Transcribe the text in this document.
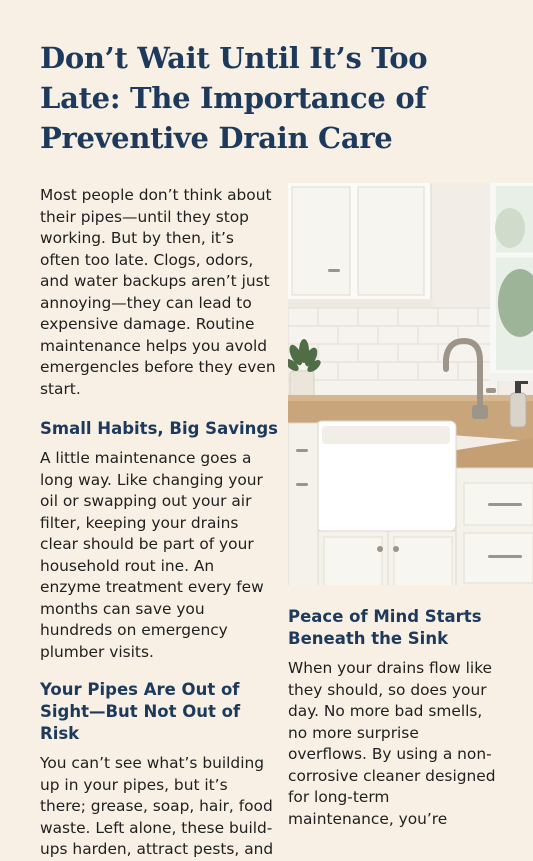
Don’t Wait Until It’s Too Late: The Importance of Preventive Drain Care

Most people don’t think about their pipes—until they stop working. But by then, it’s often too late. Clogs, odors, and water backups aren’t just annoying—they can lead to expensive damage. Routine maintenance helps you avold emergencles before they even start.

Small Habits, Big Savings

A little maintenance goes a long way. Like changing your oil or swapping out your air filter, keeping your drains clear should be part of your household rout ine. An enzyme treatment every few months can save you hundreds on emergency plumber visits.

Your Pipes Are Out of Sight—But Not Out of Risk

You can’t see what’s building up in your pipes, but it’s there; grease, soap, hair, food waste. Left alone, these build-ups harden, attract pests, and

Peace of Mind Starts Beneath the Sink

When your drains flow like they should, so does your day. No more bad smells, no more surprise overflows. By using a non-corrosive cleaner designed for long-term maintenance, you’re
